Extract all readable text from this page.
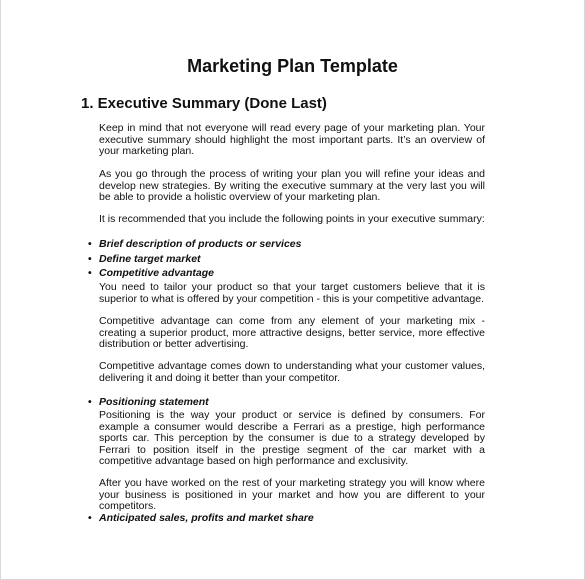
Marketing Plan Template
1. Executive Summary (Done Last)
Keep in mind that not everyone will read every page of your marketing plan. Your executive summary should highlight the most important parts. It’s an overview of your marketing plan.
As you go through the process of writing your plan you will refine your ideas and develop new strategies. By writing the executive summary at the very last you will be able to provide a holistic overview of your marketing plan.
It is recommended that you include the following points in your executive summary:
• Brief description of products or services
• Define target market
• Competitive advantage
You need to tailor your product so that your target customers believe that it is superior to what is offered by your competition - this is your competitive advantage.
Competitive advantage can come from any element of your marketing mix - creating a superior product, more attractive designs, better service, more effective distribution or better advertising.
Competitive advantage comes down to understanding what your customer values, delivering it and doing it better than your competitor.
• Positioning statement
Positioning is the way your product or service is defined by consumers. For example a consumer would describe a Ferrari as a prestige, high performance sports car. This perception by the consumer is due to a strategy developed by Ferrari to position itself in the prestige segment of the car market with a competitive advantage based on high performance and exclusivity.
After you have worked on the rest of your marketing strategy you will know where your business is positioned in your market and how you are different to your competitors.
• Anticipated sales, profits and market share
